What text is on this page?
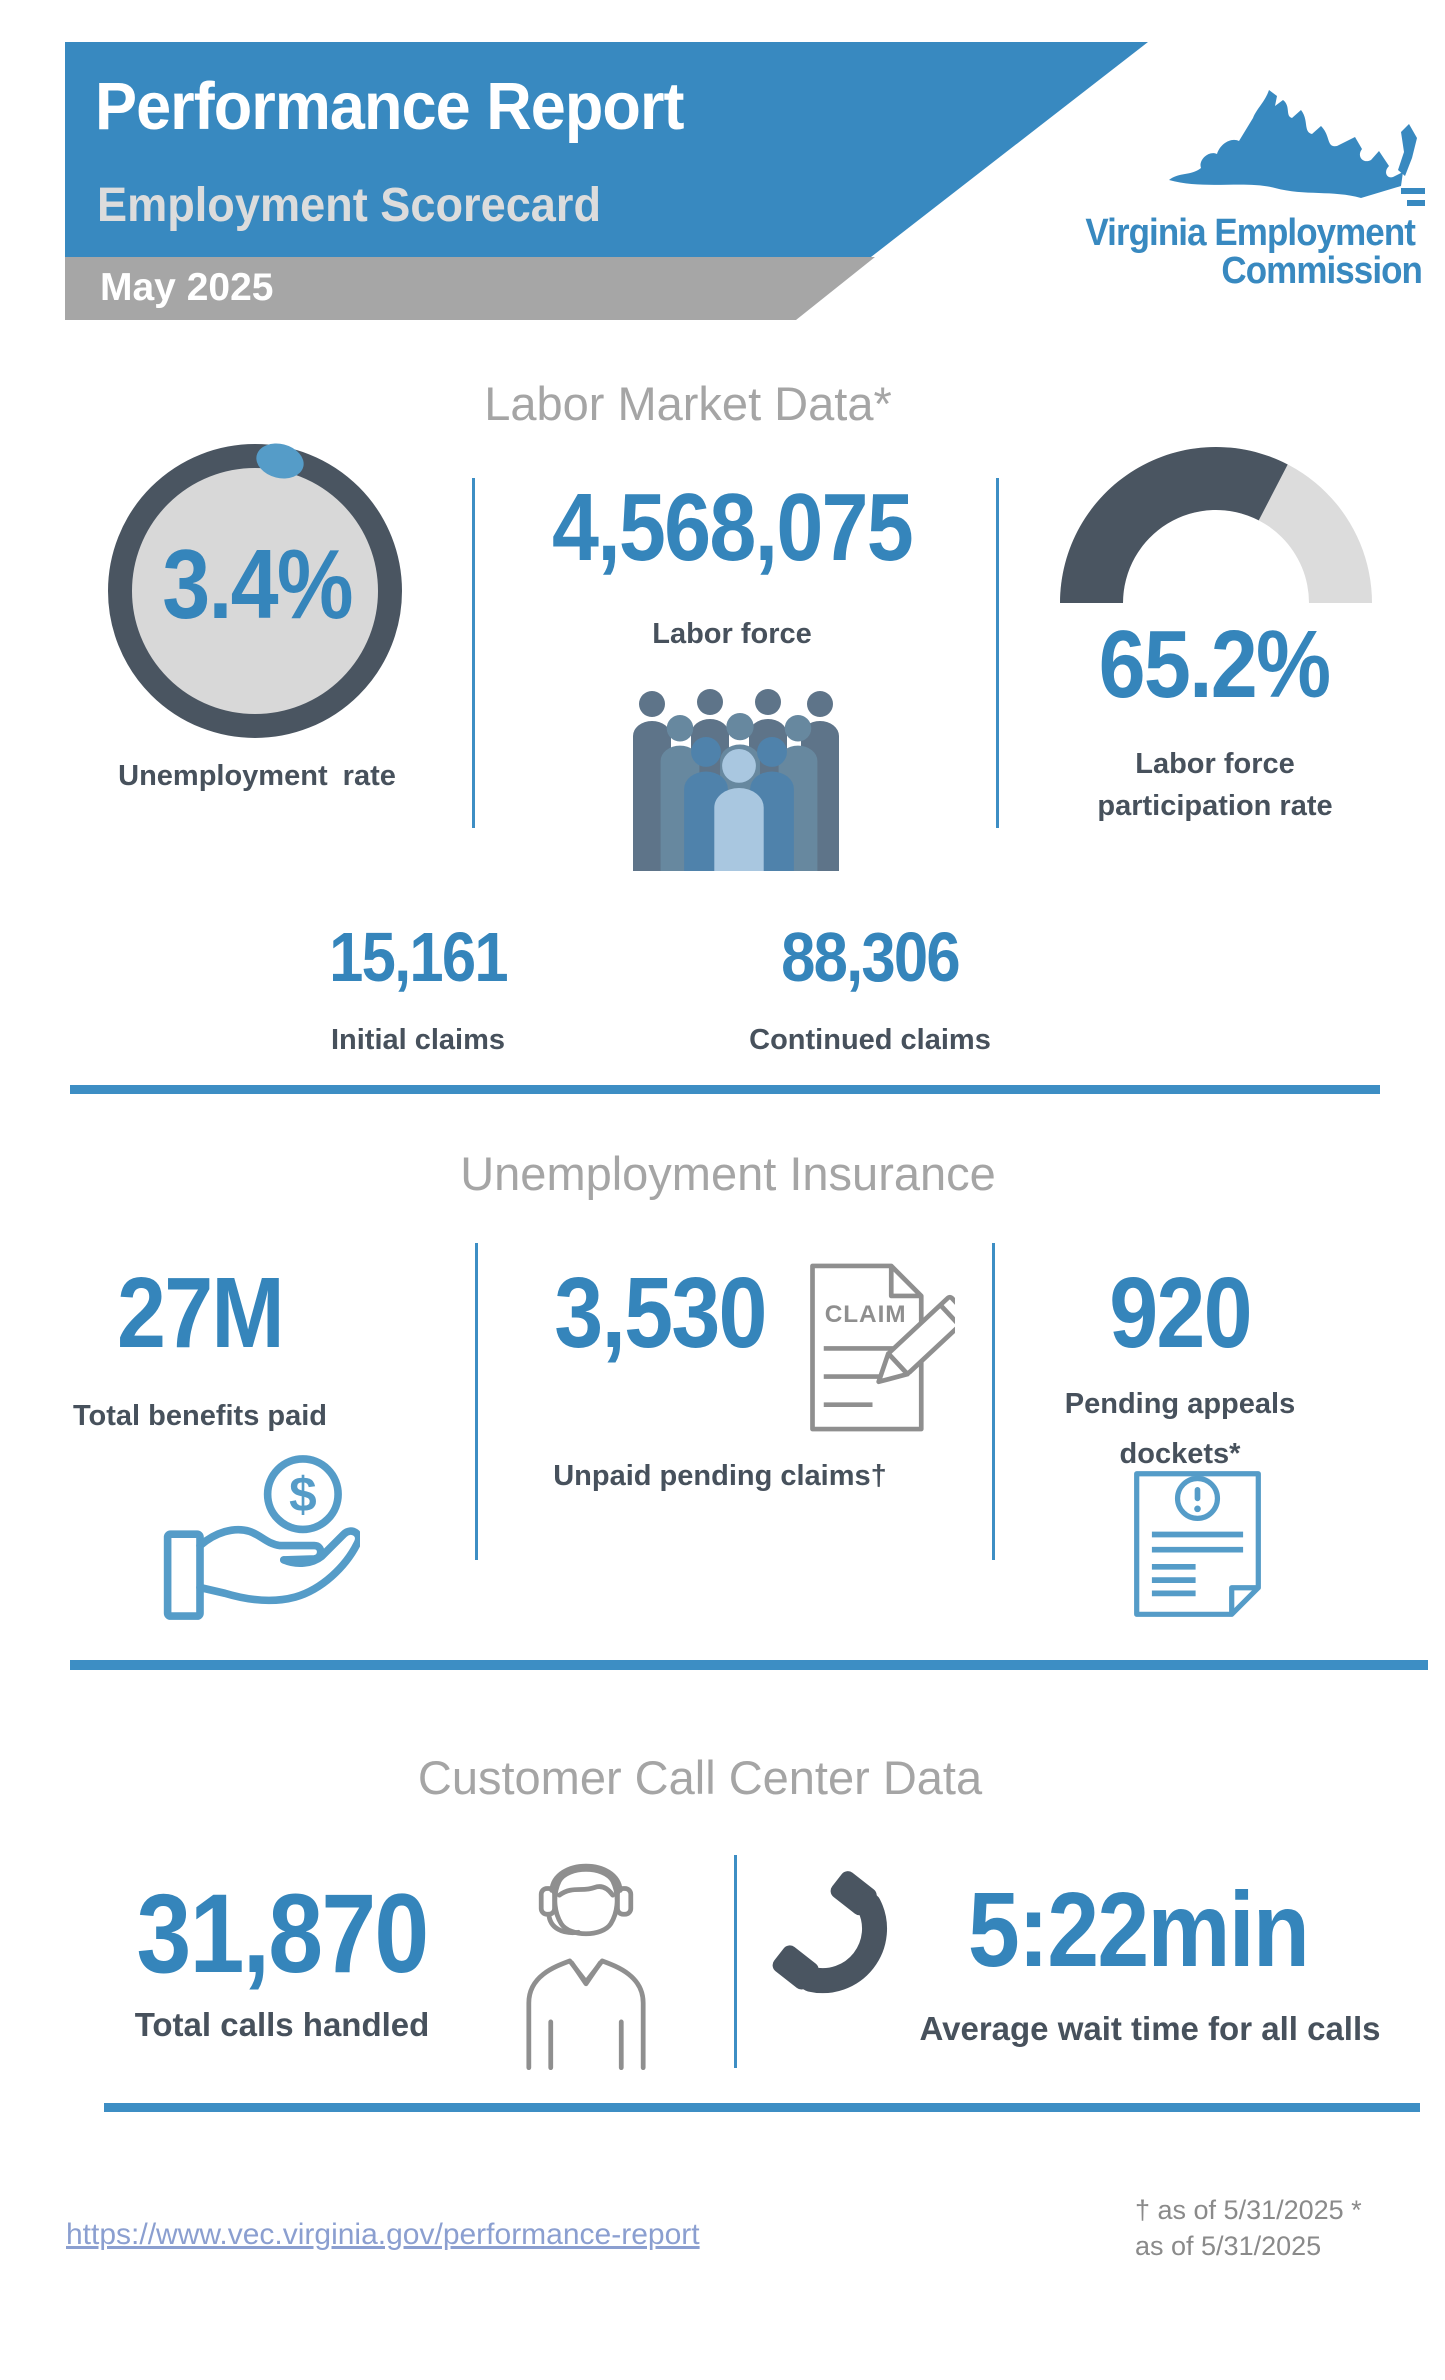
Performance Report
Employment Scorecard
May 2025
Virginia Employment
Commission
Labor Market Data*
3.4%
Unemployment rate
4,568,075
Labor force	65.2%
Labor force
participation rate
15,161
Initial claims
88,306
Continued claims
Unemployment Insurance
27M
Total benefits paid
$
3,530
Unpaid pending claims†
CLAIM	920
Pending appeals
dockets*
Customer Call Center Data
31,870
Total calls handled
5:22min
Average wait time for all calls
https://www.vec.virginia.gov/performance-report
† as of 5/31/2025 *
as of 5/31/2025
